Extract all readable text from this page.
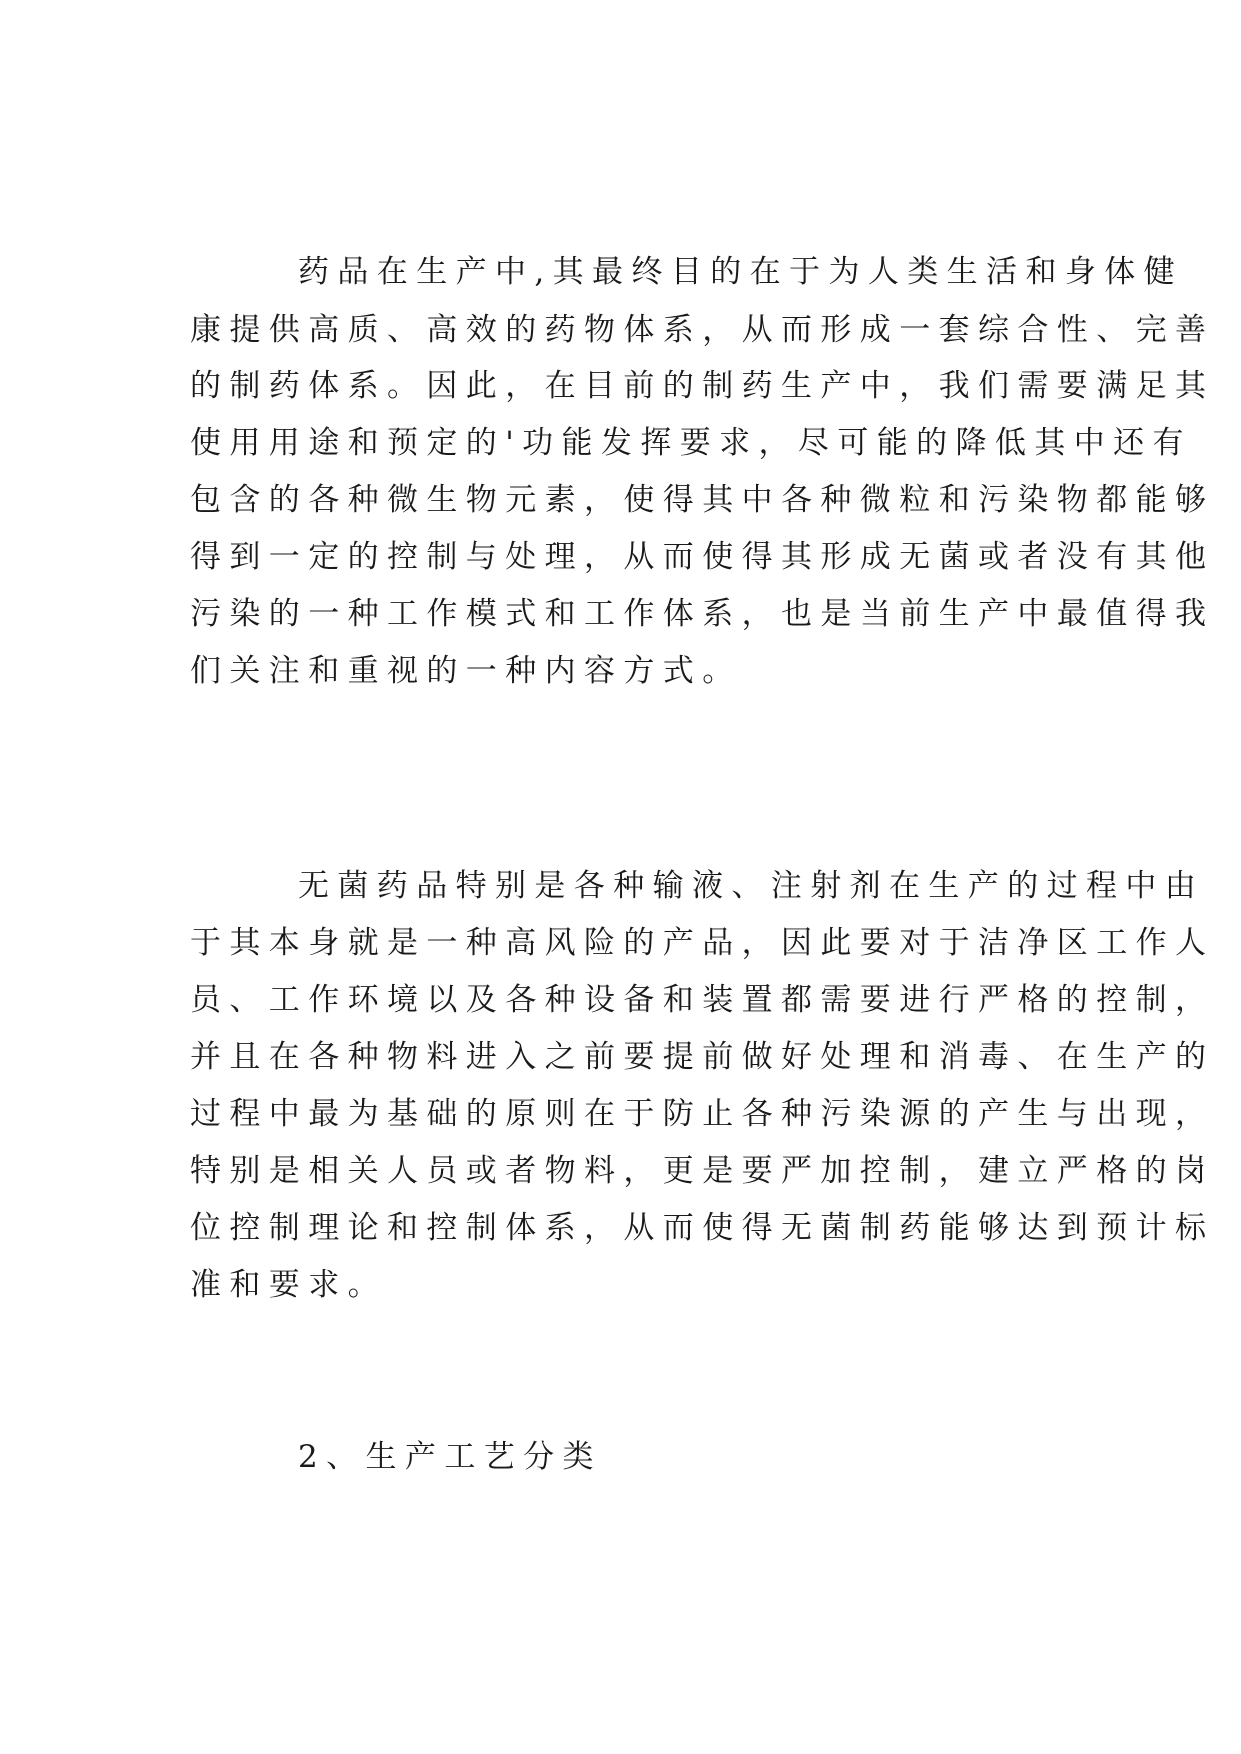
药品在生产中,其最终目的在于为人类生活和身体健
康提供高质、高效的药物体系，从而形成一套综合性、完善
的制药体系。因此，在目前的制药生产中，我们需要满足其
使用用途和预定的'功能发挥要求，尽可能的降低其中还有
包含的各种微生物元素，使得其中各种微粒和污染物都能够
得到一定的控制与处理，从而使得其形成无菌或者没有其他
污染的一种工作模式和工作体系，也是当前生产中最值得我
们关注和重视的一种内容方式。
无菌药品特别是各种输液、注射剂在生产的过程中由
于其本身就是一种高风险的产品，因此要对于洁净区工作人
员、工作环境以及各种设备和装置都需要进行严格的控制，
并且在各种物料进入之前要提前做好处理和消毒、在生产的
过程中最为基础的原则在于防止各种污染源的产生与出现，
特别是相关人员或者物料，更是要严加控制，建立严格的岗
位控制理论和控制体系，从而使得无菌制药能够达到预计标
准和要求。
2、生产工艺分类
